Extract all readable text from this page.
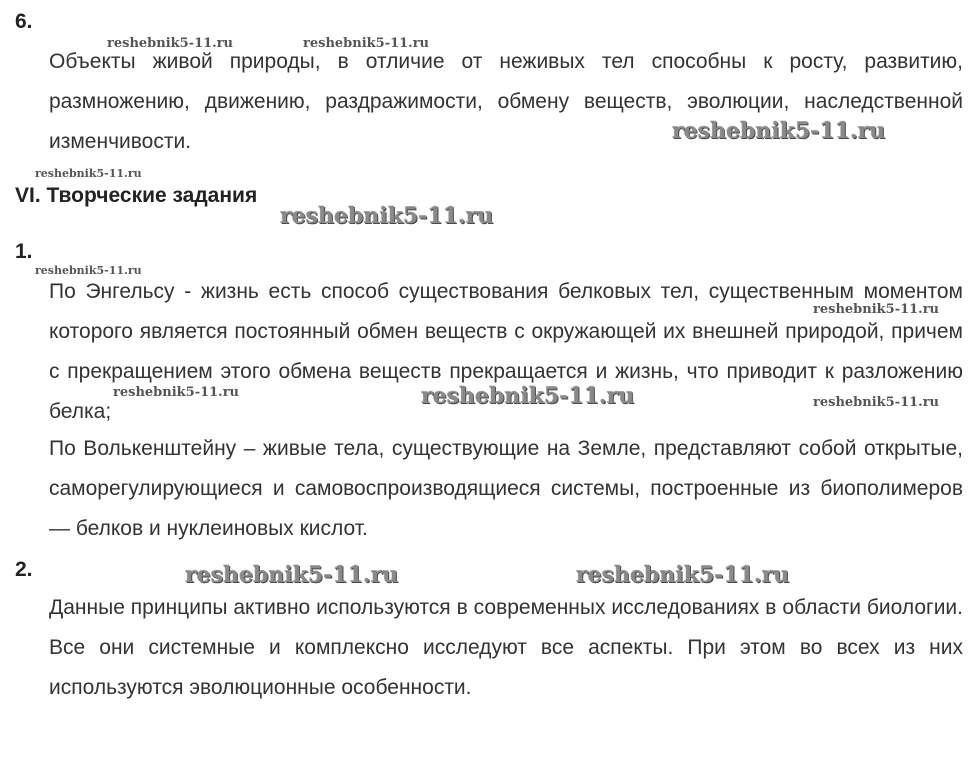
6.

Объекты живой природы, в отличие от неживых тел способны к росту, развитию, размножению, движению, раздражимости, обмену веществ, эволюции, наследственной изменчивости.

VI. Творческие задания
1.

По Энгельсу - жизнь есть способ существования белковых тел, существенным моментом которого является постоянный обмен веществ с окружающей их внешней природой, причем с прекращением этого обмена веществ прекращается и жизнь, что приводит к разложению белка;

По Волькенштейну – живые тела, существующие на Земле, представляют собой открытые, саморегулирующиеся и самовоспроизводящиеся системы, построенные из биополимеров — белков и нуклеиновых кислот.

2.

Данные принципы активно используются в современных исследованиях в области биологии. Все они системные и комплексно исследуют все аспекты. При этом во всех из них используются эволюционные особенности.

reshebnik5-11.ru	reshebnik5-11.ru
reshebnik5-11.ru
reshebnik5-11.ru
reshebnik5-11.ru
reshebnik5-11.ru
reshebnik5-11.ru
reshebnik5-11.ru	reshebnik5-11.ru	reshebnik5-11.ru
reshebnik5-11.ru	reshebnik5-11.ru
